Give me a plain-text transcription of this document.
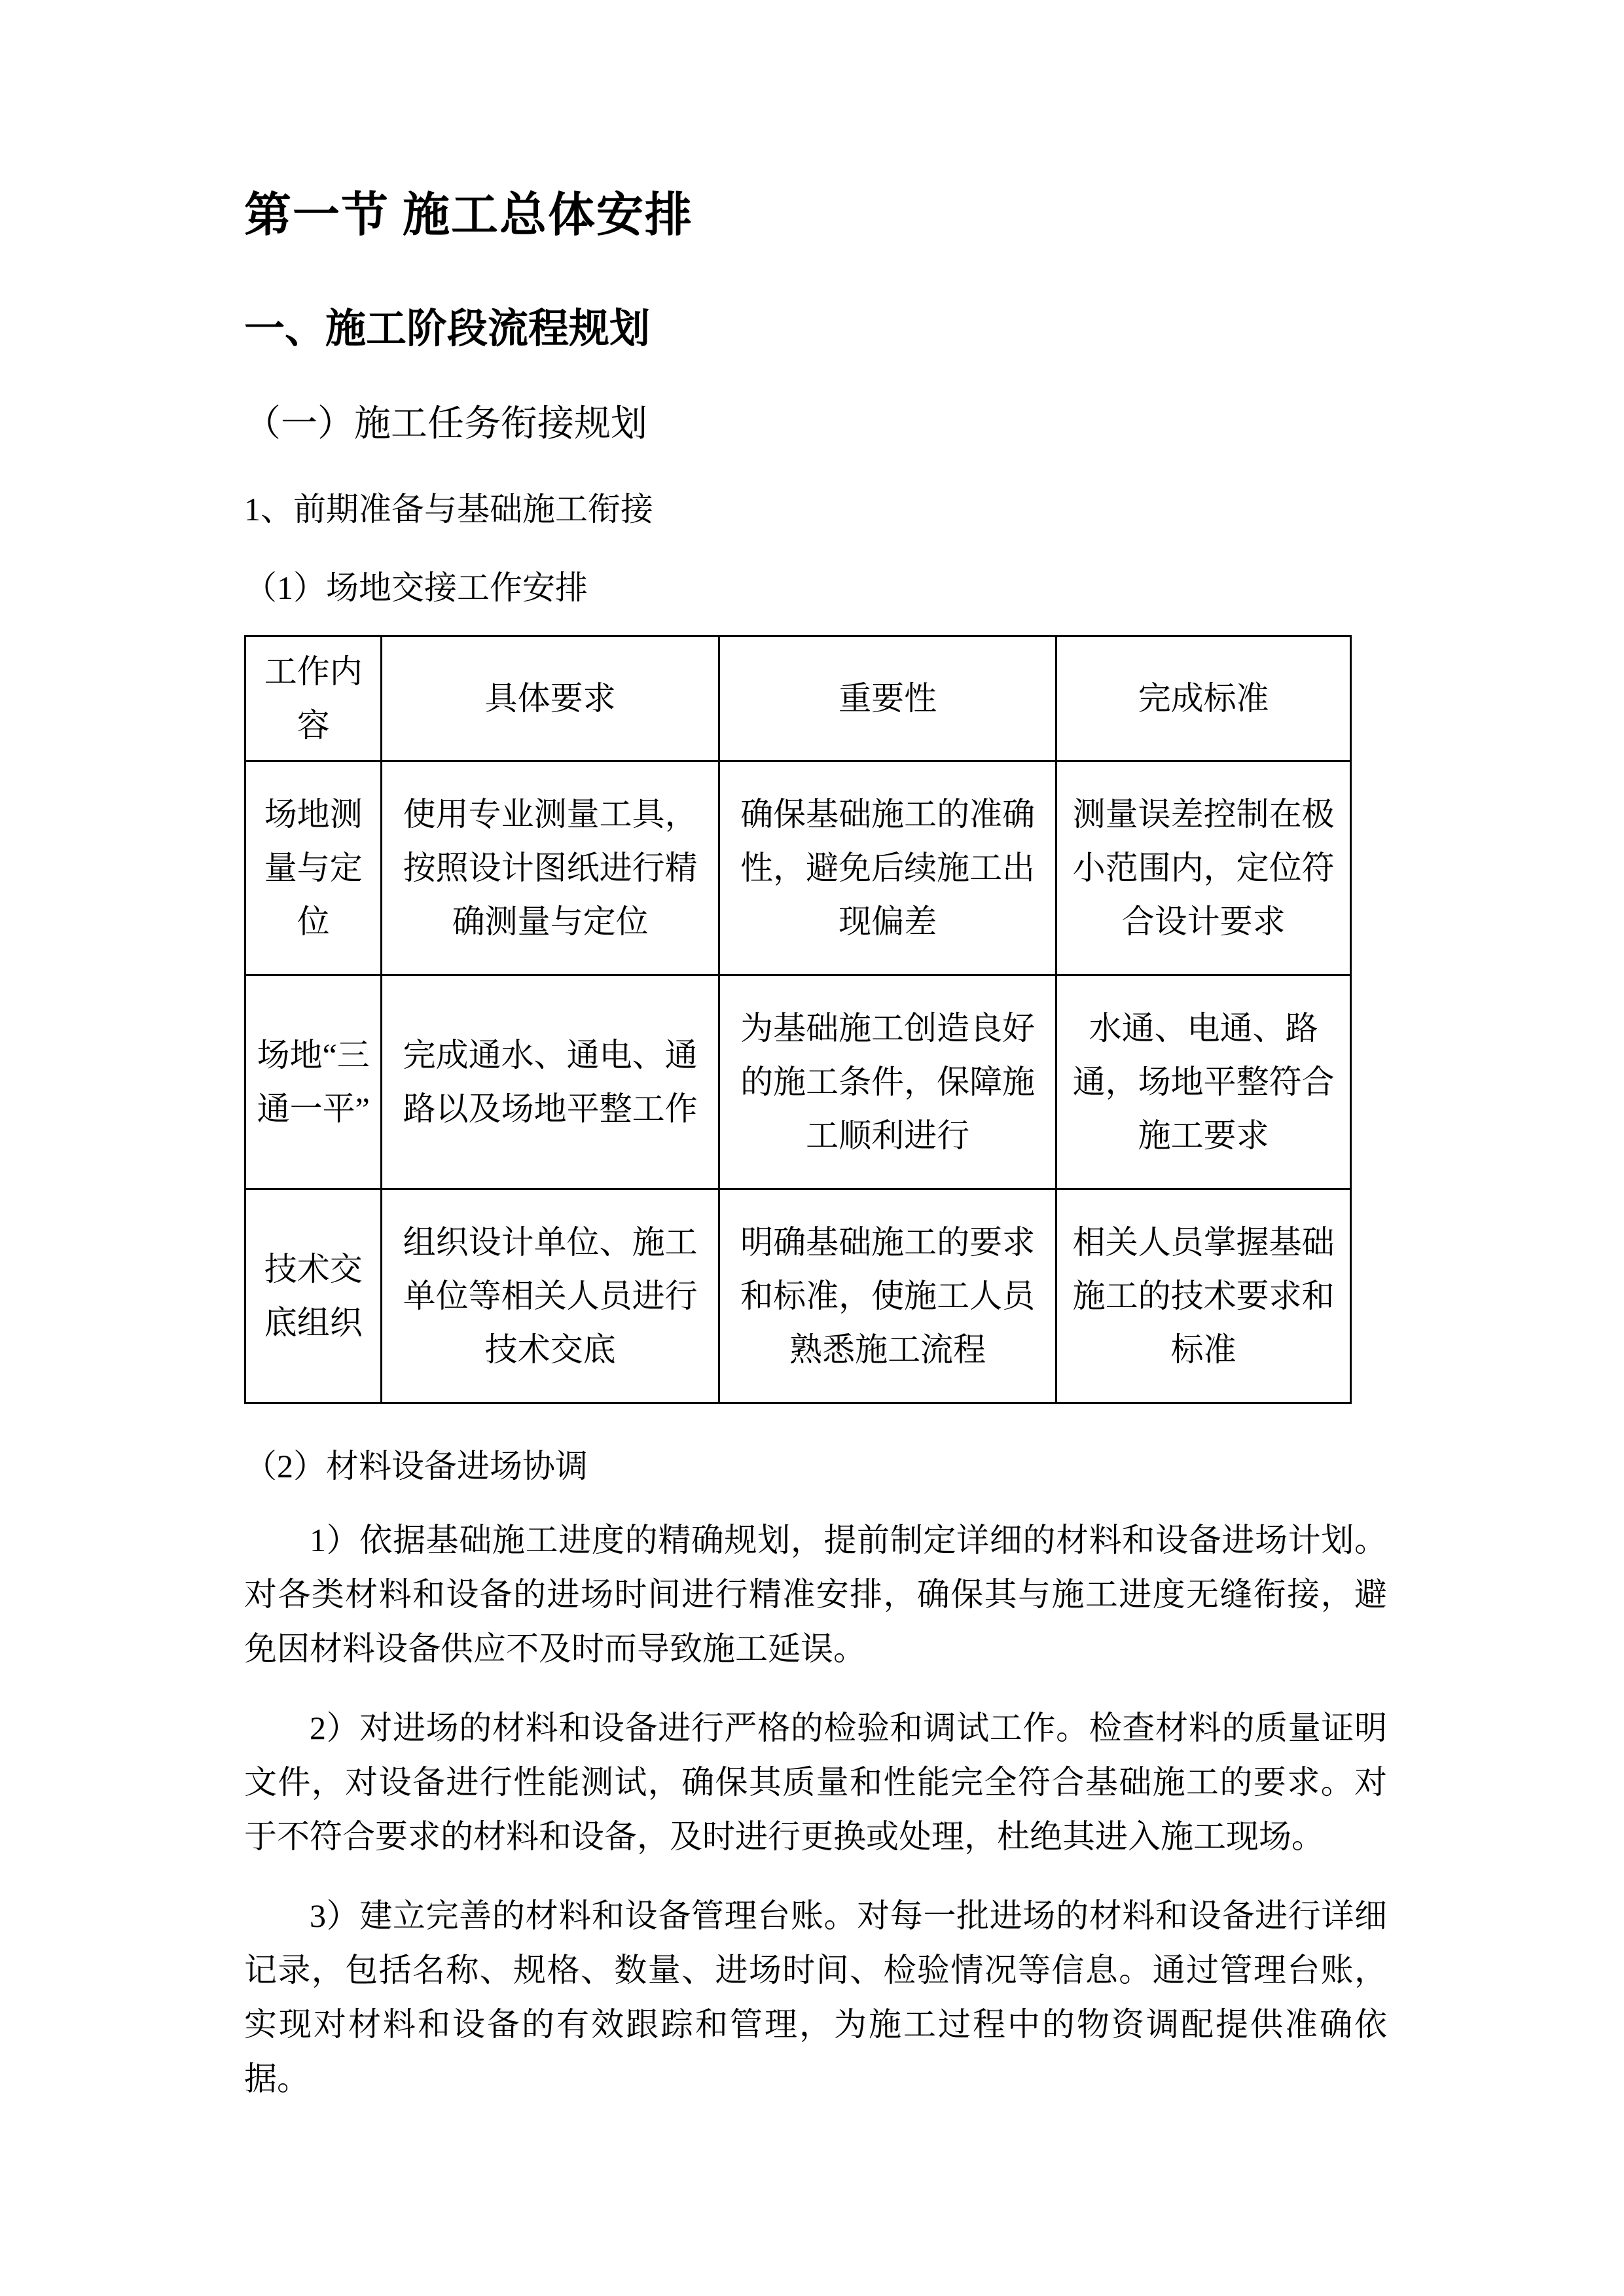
第一节 施工总体安排
一、施工阶段流程规划
（一）施工任务衔接规划

1、前期准备与基础施工衔接

（1）场地交接工作安排

工作内容	具体要求	重要性	完成标准
场地测量与定位	使用专业测量工具，按照设计图纸进行精确测量与定位	确保基础施工的准确性，避免后续施工出现偏差	测量误差控制在极小范围内，定位符合设计要求
场地“三通一平”	完成通水、通电、通路以及场地平整工作	为基础施工创造良好的施工条件，保障施工顺利进行	水通、电通、路通，场地平整符合施工要求
技术交底组织	组织设计单位、施工单位等相关人员进行技术交底	明确基础施工的要求和标准，使施工人员熟悉施工流程	相关人员掌握基础施工的技术要求和标准

（2）材料设备进场协调

1）依据基础施工进度的精确规划，提前制定详细的材料和设备进场计划。对各类材料和设备的进场时间进行精准安排，确保其与施工进度无缝衔接，避免因材料设备供应不及时而导致施工延误。

2）对进场的材料和设备进行严格的检验和调试工作。检查材料的质量证明文件，对设备进行性能测试，确保其质量和性能完全符合基础施工的要求。对于不符合要求的材料和设备，及时进行更换或处理，杜绝其进入施工现场。

3）建立完善的材料和设备管理台账。对每一批进场的材料和设备进行详细记录，包括名称、规格、数量、进场时间、检验情况等信息。通过管理台账，实现对材料和设备的有效跟踪和管理，为施工过程中的物资调配提供准确依据。
